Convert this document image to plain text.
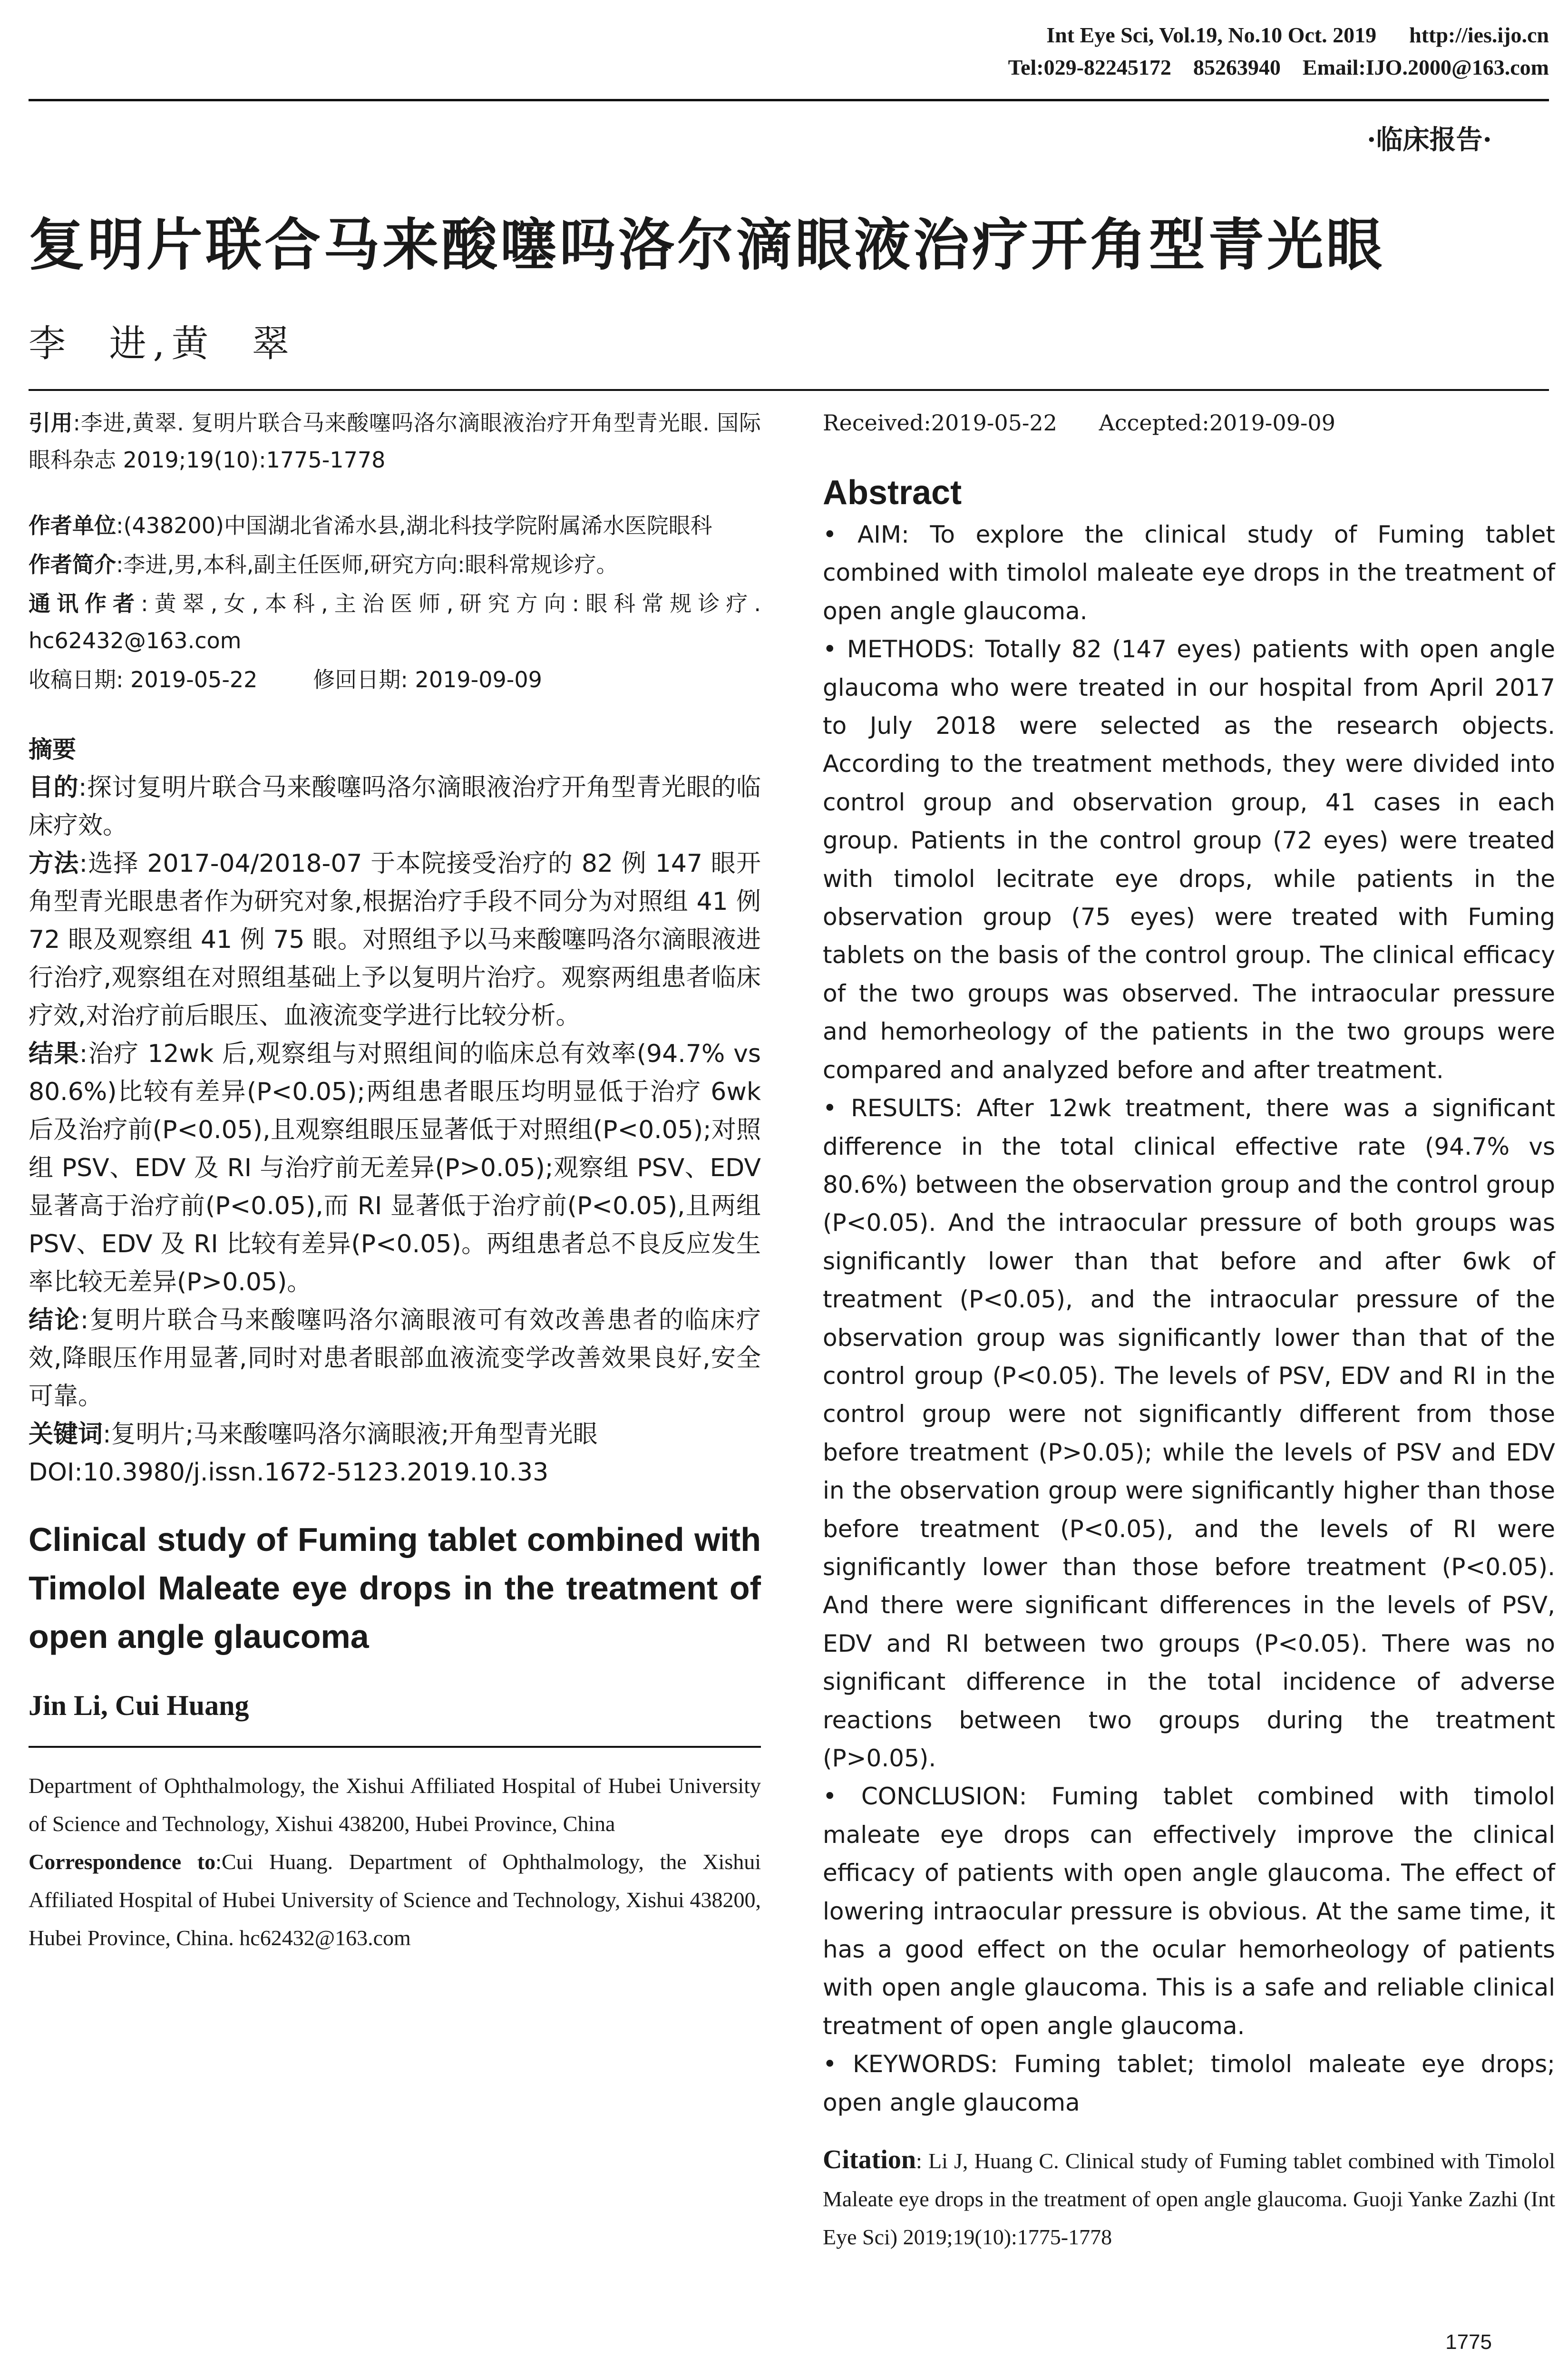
Int Eye Sci, Vol.19, No.10 Oct. 2019      http://ies.ijo.cn
Tel:029-82245172    85263940    Email:IJO.2000@163.com
·临床报告·
复明片联合马来酸噻吗洛尔滴眼液治疗开角型青光眼
李  进,黄  翠
引用:李进,黄翠. 复明片联合马来酸噻吗洛尔滴眼液治疗开角型青光眼. 国际眼科杂志 2019;19(10):1775-1778
作者单位:(438200)中国湖北省浠水县,湖北科技学院附属浠水医院眼科
作者简介:李进,男,本科,副主任医师,研究方向:眼科常规诊疗。
通讯作者:黄翠,女,本科,主治医师,研究方向:眼科常规诊疗. hc62432@163.com
收稿日期: 2019-05-22        修回日期: 2019-09-09
摘要
目的:探讨复明片联合马来酸噻吗洛尔滴眼液治疗开角型青光眼的临床疗效。
方法:选择 2017-04/2018-07 于本院接受治疗的 82 例 147 眼开角型青光眼患者作为研究对象,根据治疗手段不同分为对照组 41 例 72 眼及观察组 41 例 75 眼。对照组予以马来酸噻吗洛尔滴眼液进行治疗,观察组在对照组基础上予以复明片治疗。观察两组患者临床疗效,对治疗前后眼压、血液流变学进行比较分析。
结果:治疗 12wk 后,观察组与对照组间的临床总有效率(94.7% vs 80.6%)比较有差异(P<0.05);两组患者眼压均明显低于治疗 6wk 后及治疗前(P<0.05),且观察组眼压显著低于对照组(P<0.05);对照组 PSV、EDV 及 RI 与治疗前无差异(P>0.05);观察组 PSV、EDV 显著高于治疗前(P<0.05),而 RI 显著低于治疗前(P<0.05),且两组 PSV、EDV 及 RI 比较有差异(P<0.05)。两组患者总不良反应发生率比较无差异(P>0.05)。
结论:复明片联合马来酸噻吗洛尔滴眼液可有效改善患者的临床疗效,降眼压作用显著,同时对患者眼部血液流变学改善效果良好,安全可靠。
关键词:复明片;马来酸噻吗洛尔滴眼液;开角型青光眼
DOI:10.3980/j.issn.1672-5123.2019.10.33
Clinical study of Fuming tablet combined with Timolol Maleate eye drops in the treatment of open angle glaucoma
Jin Li, Cui Huang
Department of Ophthalmology, the Xishui Affiliated Hospital of Hubei University of Science and Technology, Xishui 438200, Hubei Province, China
Correspondence to:Cui Huang. Department of Ophthalmology, the Xishui Affiliated Hospital of Hubei University of Science and Technology, Xishui 438200, Hubei Province, China. hc62432@163.com
Received:2019-05-22      Accepted:2019-09-09
Abstract
• AIM: To explore the clinical study of Fuming tablet combined with timolol maleate eye drops in the treatment of open angle glaucoma.
• METHODS: Totally 82 (147 eyes) patients with open angle glaucoma who were treated in our hospital from April 2017 to July 2018 were selected as the research objects. According to the treatment methods, they were divided into control group and observation group, 41 cases in each group. Patients in the control group (72 eyes) were treated with timolol lecitrate eye drops, while patients in the observation group (75 eyes) were treated with Fuming tablets on the basis of the control group. The clinical efficacy of the two groups was observed. The intraocular pressure and hemorheology of the patients in the two groups were compared and analyzed before and after treatment.
• RESULTS: After 12wk treatment, there was a significant difference in the total clinical effective rate (94.7% vs 80.6%) between the observation group and the control group (P<0.05). And the intraocular pressure of both groups was significantly lower than that before and after 6wk of treatment (P<0.05), and the intraocular pressure of the observation group was significantly lower than that of the control group (P<0.05). The levels of PSV, EDV and RI in the control group were not significantly different from those before treatment (P>0.05); while the levels of PSV and EDV in the observation group were significantly higher than those before treatment (P<0.05), and the levels of RI were significantly lower than those before treatment (P<0.05). And there were significant differences in the levels of PSV, EDV and RI between two groups (P<0.05). There was no significant difference in the total incidence of adverse reactions between two groups during the treatment (P>0.05).
• CONCLUSION: Fuming tablet combined with timolol maleate eye drops can effectively improve the clinical efficacy of patients with open angle glaucoma. The effect of lowering intraocular pressure is obvious. At the same time, it has a good effect on the ocular hemorheology of patients with open angle glaucoma. This is a safe and reliable clinical treatment of open angle glaucoma.
• KEYWORDS: Fuming tablet; timolol maleate eye drops; open angle glaucoma
Citation: Li J, Huang C. Clinical study of Fuming tablet combined with Timolol Maleate eye drops in the treatment of open angle glaucoma. Guoji Yanke Zazhi (Int Eye Sci) 2019;19(10):1775-1778
1775
